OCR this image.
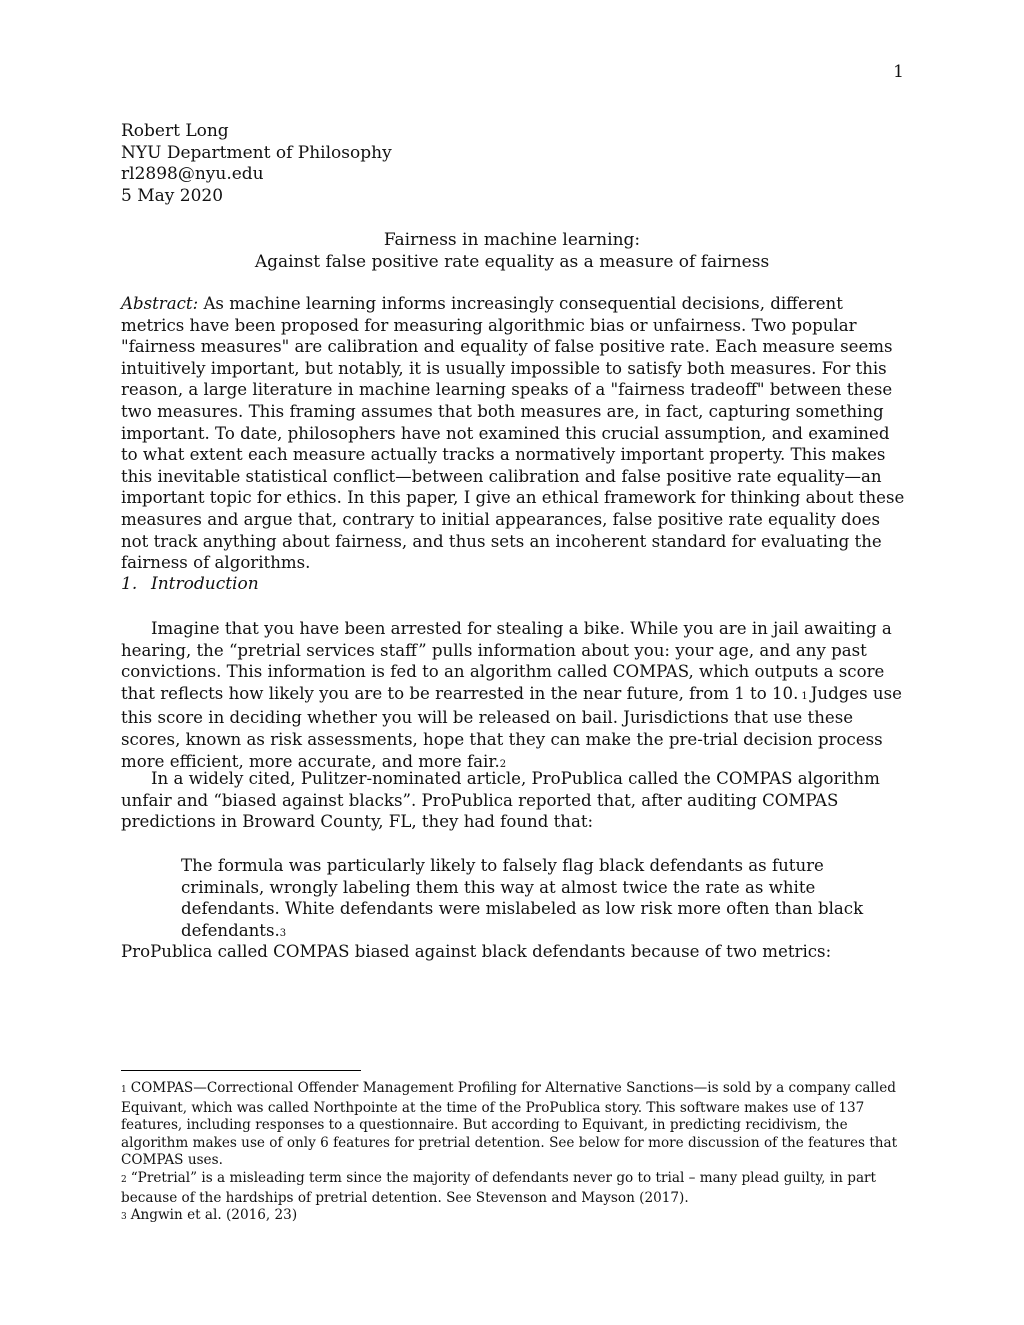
1
Robert Long
NYU Department of Philosophy
rl2898@nyu.edu
5 May 2020
Fairness in machine learning:
Against false positive rate equality as a measure of fairness
Abstract: As machine learning informs increasingly consequential decisions, different metrics have been proposed for measuring algorithmic bias or unfairness. Two popular "fairness measures" are calibration and equality of false positive rate. Each measure seems intuitively important, but notably, it is usually impossible to satisfy both measures. For this reason, a large literature in machine learning speaks of a "fairness tradeoff" between these two measures. This framing assumes that both measures are, in fact, capturing something important. To date, philosophers have not examined this crucial assumption, and examined to what extent each measure actually tracks a normatively important property. This makes this inevitable statistical conflict—between calibration and false positive rate equality—an important topic for ethics. In this paper, I give an ethical framework for thinking about these measures and argue that, contrary to initial appearances, false positive rate equality does not track anything about fairness, and thus sets an incoherent standard for evaluating the fairness of algorithms.
1. Introduction
Imagine that you have been arrested for stealing a bike. While you are in jail awaiting a hearing, the “pretrial services staff” pulls information about you: your age, and any past convictions. This information is fed to an algorithm called COMPAS, which outputs a score that reflects how likely you are to be rearrested in the near future, from 1 to 10. 1 Judges use this score in deciding whether you will be released on bail. Jurisdictions that use these scores, known as risk assessments, hope that they can make the pre-trial decision process more efficient, more accurate, and more fair.2
In a widely cited, Pulitzer-nominated article, ProPublica called the COMPAS algorithm unfair and “biased against blacks”. ProPublica reported that, after auditing COMPAS predictions in Broward County, FL, they had found that:
The formula was particularly likely to falsely flag black defendants as future criminals, wrongly labeling them this way at almost twice the rate as white defendants. White defendants were mislabeled as low risk more often than black defendants.3
ProPublica called COMPAS biased against black defendants because of two metrics:

1 COMPAS—Correctional Offender Management Profiling for Alternative Sanctions—is sold by a company called Equivant, which was called Northpointe at the time of the ProPublica story. This software makes use of 137 features, including responses to a questionnaire. But according to Equivant, in predicting recidivism, the algorithm makes use of only 6 features for pretrial detention. See below for more discussion of the features that COMPAS uses.

2 “Pretrial” is a misleading term since the majority of defendants never go to trial – many plead guilty, in part because of the hardships of pretrial detention. See Stevenson and Mayson (2017).

3 Angwin et al. (2016, 23)
